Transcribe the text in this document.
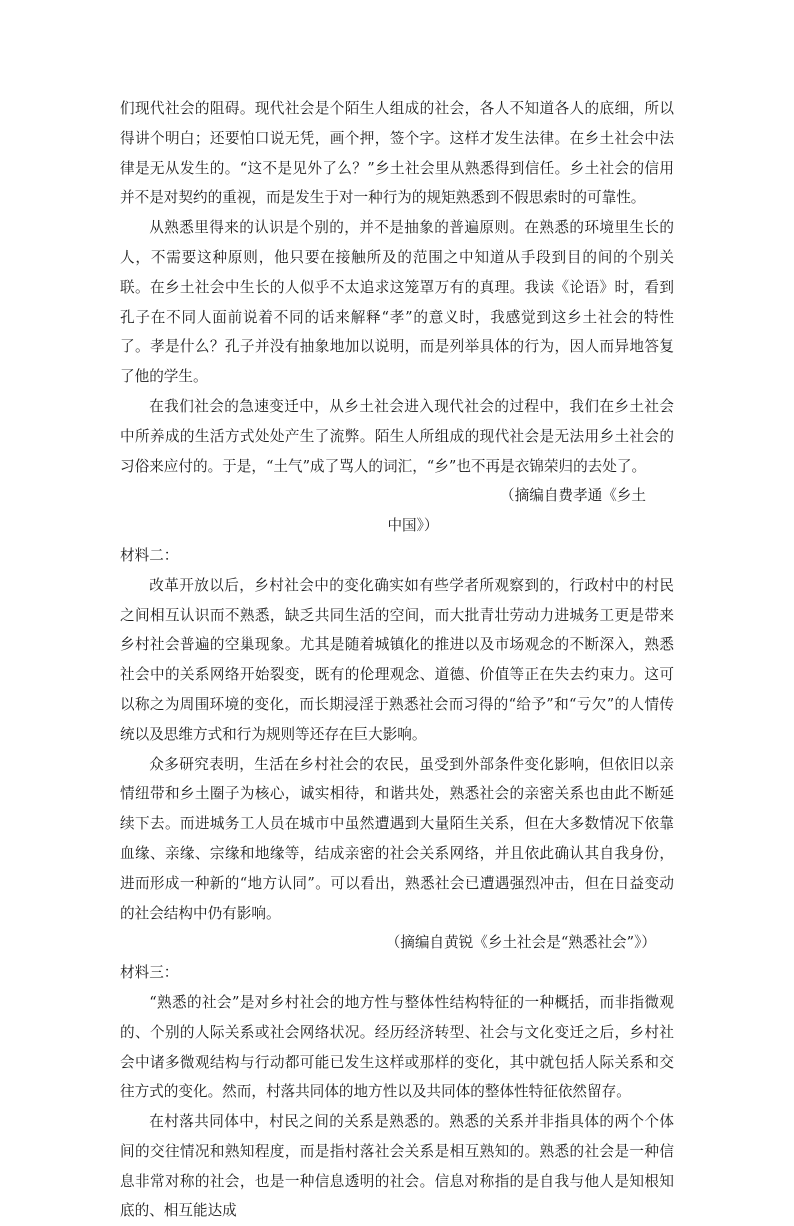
们现代社会的阻碍。现代社会是个陌生人组成的社会，各人不知道各人的底细，所以得讲个明白；还要怕口说无凭，画个押，签个字。这样才发生法律。在乡土社会中法律是无从发生的。“这不是见外了么？”乡土社会里从熟悉得到信任。乡土社会的信用并不是对契约的重视，而是发生于对一种行为的规矩熟悉到不假思索时的可靠性。

从熟悉里得来的认识是个别的，并不是抽象的普遍原则。在熟悉的环境里生长的人，不需要这种原则，他只要在接触所及的范围之中知道从手段到目的间的个别关联。在乡土社会中生长的人似乎不太追求这笼罩万有的真理。我读《论语》时，看到孔子在不同人面前说着不同的话来解释“孝”的意义时，我感觉到这乡土社会的特性了。孝是什么？孔子并没有抽象地加以说明，而是列举具体的行为，因人而异地答复了他的学生。

在我们社会的急速变迁中，从乡土社会进入现代社会的过程中，我们在乡土社会中所养成的生活方式处处产生了流弊。陌生人所组成的现代社会是无法用乡土社会的习俗来应付的。于是，“土气”成了骂人的词汇，“乡”也不再是衣锦荣归的去处了。

（摘编自费孝通《乡土

中国》）

材料二：

改革开放以后，乡村社会中的变化确实如有些学者所观察到的，行政村中的村民之间相互认识而不熟悉，缺乏共同生活的空间，而大批青壮劳动力进城务工更是带来乡村社会普遍的空巢现象。尤其是随着城镇化的推进以及市场观念的不断深入，熟悉社会中的关系网络开始裂变，既有的伦理观念、道德、价值等正在失去约束力。这可以称之为周围环境的变化，而长期浸淫于熟悉社会而习得的“给予”和“亏欠”的人情传统以及思维方式和行为规则等还存在巨大影响。

众多研究表明，生活在乡村社会的农民，虽受到外部条件变化影响，但依旧以亲情纽带和乡土圈子为核心，诚实相待，和谐共处，熟悉社会的亲密关系也由此不断延续下去。而进城务工人员在城市中虽然遭遇到大量陌生关系，但在大多数情况下依靠血缘、亲缘、宗缘和地缘等，结成亲密的社会关系网络，并且依此确认其自我身份，进而形成一种新的“地方认同”。可以看出，熟悉社会已遭遇强烈冲击，但在日益变动的社会结构中仍有影响。

（摘编自黄锐《乡土社会是“熟悉社会”》）

材料三：

“熟悉的社会”是对乡村社会的地方性与整体性结构特征的一种概括，而非指微观的、个别的人际关系或社会网络状况。经历经济转型、社会与文化变迁之后，乡村社会中诸多微观结构与行动都可能已发生这样或那样的变化，其中就包括人际关系和交往方式的变化。然而，村落共同体的地方性以及共同体的整体性特征依然留存。

在村落共同体中，村民之间的关系是熟悉的。熟悉的关系并非指具体的两个个体间的交往情况和熟知程度，而是指村落社会关系是相互熟知的。熟悉的社会是一种信息非常对称的社会，也是一种信息透明的社会。信息对称指的是自我与他人是知根知底的、相互能达成
